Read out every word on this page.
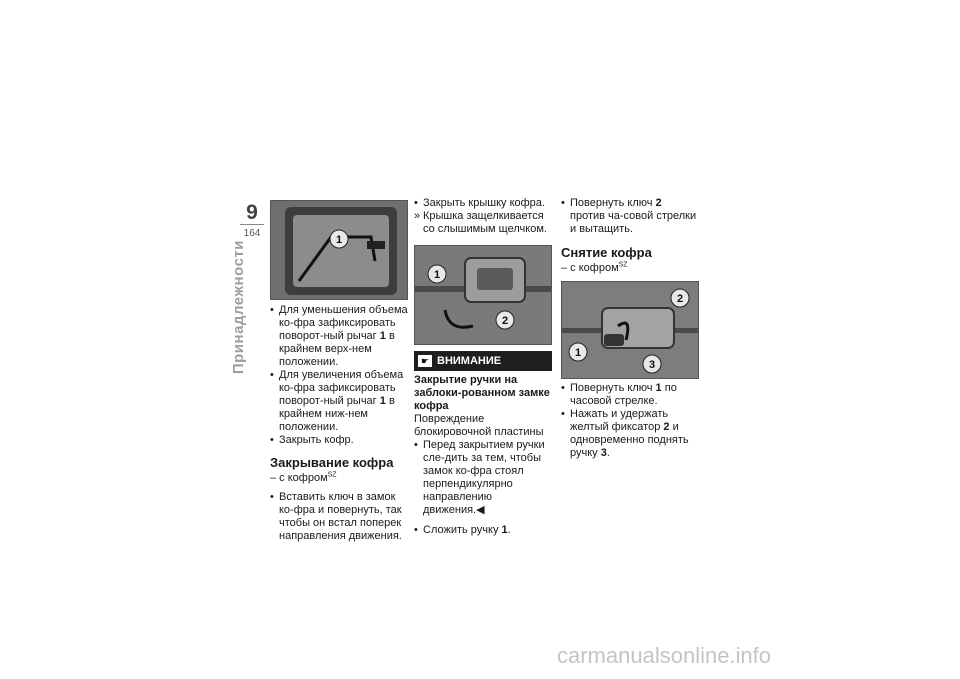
Принадлежности
9
164
1
• Для уменьшения объема ко-фра зафиксировать поворот-ный рычаг 1 в крайнем верх-нем положении.
• Для увеличения объема ко-фра зафиксировать поворот-ный рычаг 1 в крайнем ниж-нем положении.
• Закрыть кофр.
Закрывание кофра
– с кофром$^{SZ}$
• Вставить ключ в замок ко-фра и повернуть, так чтобы он встал поперек направления движения.
• Закрыть крышку кофра.
» Крышка защелкивается со слышимым щелчком.
1
2
☛ ВНИМАНИЕ
Закрытие ручки на заблоки-рованном замке кофра
Повреждение блокировочной пластины
• Перед закрытием ручки сле-дить за тем, чтобы замок ко-фра стоял перпендикулярно направлению движения.◀
• Сложить ручку 1.
• Повернуть ключ 2 против ча-совой стрелки и вытащить.
Снятие кофра
– с кофром$^{SZ}$
2
1
3
• Повернуть ключ 1 по часовой стрелке.
• Нажать и удержать желтый фиксатор 2 и одновременно поднять ручку 3.
carmanualsonline.info
